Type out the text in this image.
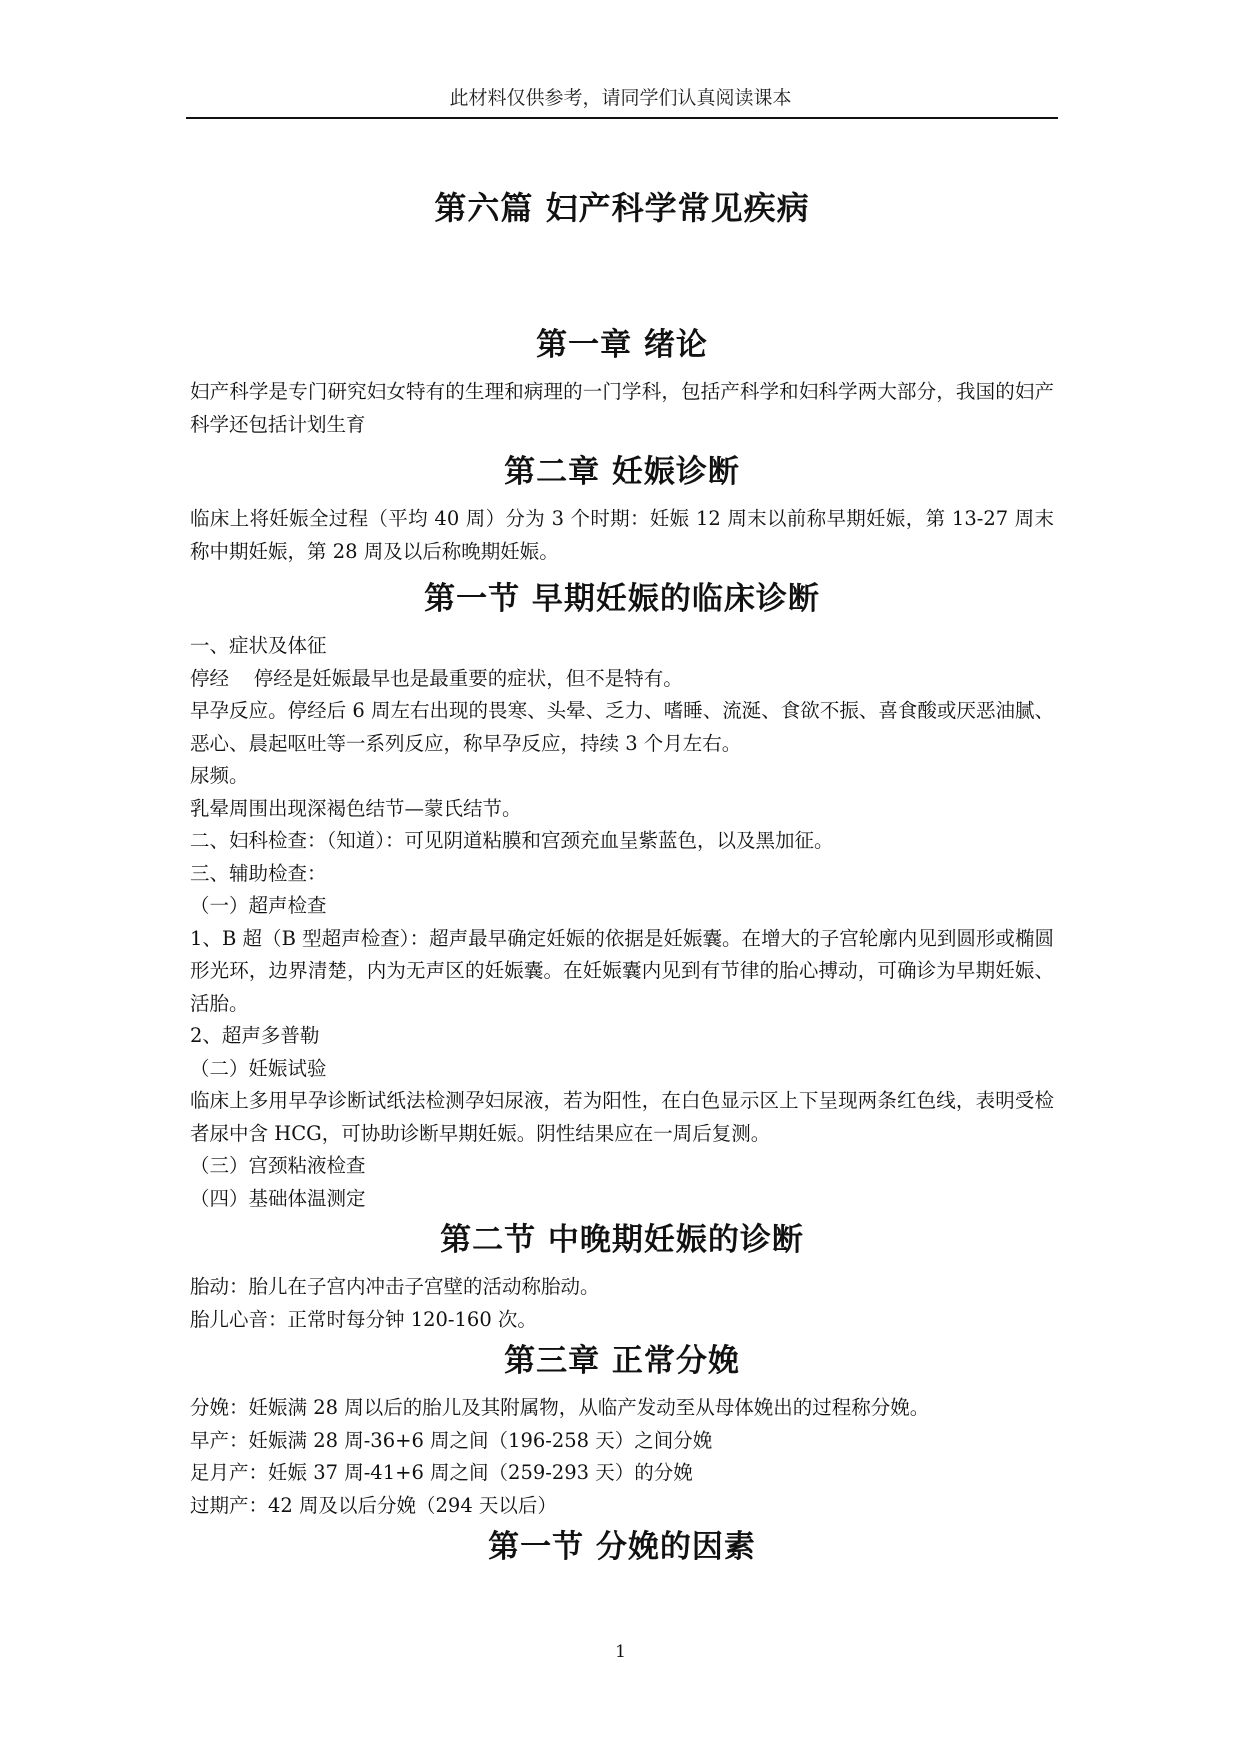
此材料仅供参考，请同学们认真阅读课本
第六篇 妇产科学常见疾病
第一章 绪论

妇产科学是专门研究妇女特有的生理和病理的一门学科，包括产科学和妇科学两大部分，我国的妇产科学还包括计划生育

第二章 妊娠诊断

临床上将妊娠全过程（平均 40 周）分为 3 个时期：妊娠 12 周末以前称早期妊娠，第 13-27 周末称中期妊娠，第 28 周及以后称晚期妊娠。

第一节 早期妊娠的临床诊断

一、症状及体征

停经    停经是妊娠最早也是最重要的症状，但不是特有。

早孕反应。停经后 6 周左右出现的畏寒、头晕、乏力、嗜睡、流涎、食欲不振、喜食酸或厌恶油腻、恶心、晨起呕吐等一系列反应，称早孕反应，持续 3 个月左右。

尿频。

乳晕周围出现深褐色结节—蒙氏结节。

二、妇科检查：（知道）：可见阴道粘膜和宫颈充血呈紫蓝色，以及黑加征。

三、辅助检查：

（一）超声检查

1、B 超（B 型超声检查）：超声最早确定妊娠的依据是妊娠囊。在增大的子宫轮廓内见到圆形或椭圆形光环，边界清楚，内为无声区的妊娠囊。在妊娠囊内见到有节律的胎心搏动，可确诊为早期妊娠、活胎。

2、超声多普勒

（二）妊娠试验

临床上多用早孕诊断试纸法检测孕妇尿液，若为阳性，在白色显示区上下呈现两条红色线，表明受检者尿中含 HCG，可协助诊断早期妊娠。阴性结果应在一周后复测。

（三）宫颈粘液检查

（四）基础体温测定

第二节 中晚期妊娠的诊断

胎动：胎儿在子宫内冲击子宫壁的活动称胎动。

胎儿心音：正常时每分钟 120-160 次。

第三章 正常分娩

分娩：妊娠满 28 周以后的胎儿及其附属物，从临产发动至从母体娩出的过程称分娩。

早产：妊娠满 28 周-36+6 周之间（196-258 天）之间分娩

足月产：妊娠 37 周-41+6 周之间（259-293 天）的分娩

过期产：42 周及以后分娩（294 天以后）

第一节 分娩的因素
1
